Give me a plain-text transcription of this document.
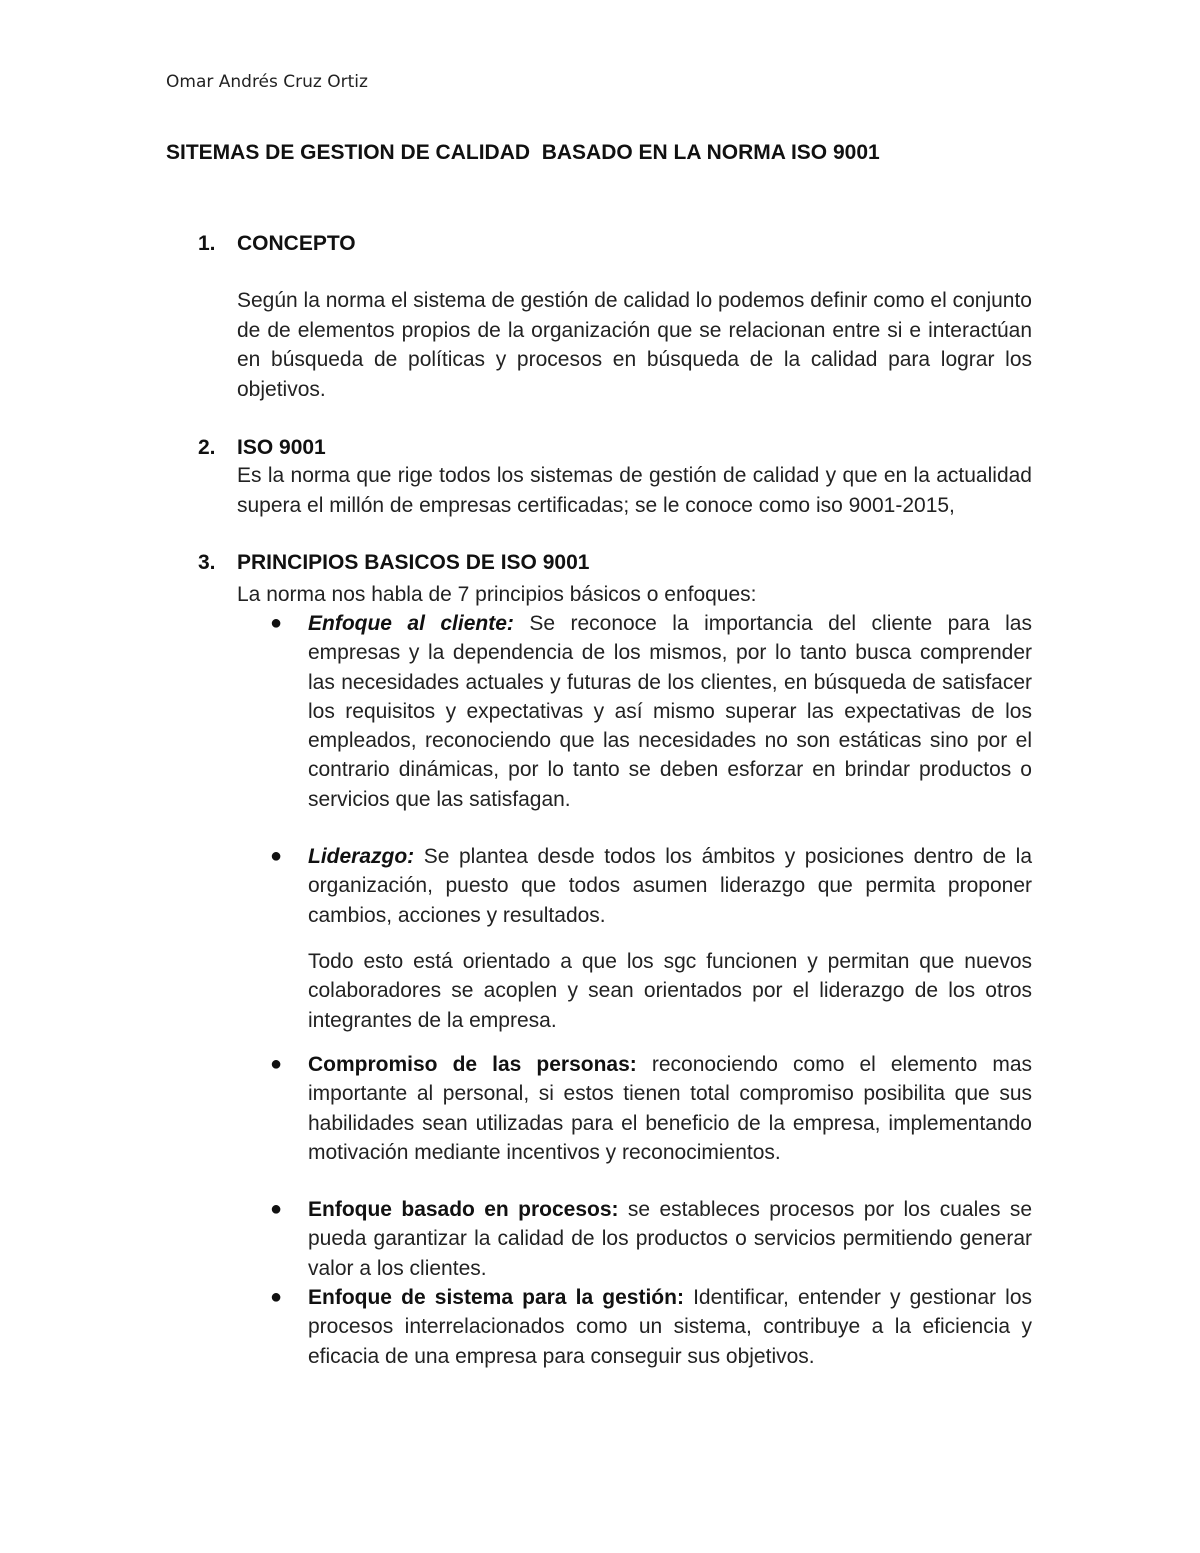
Omar Andrés Cruz Ortiz
SITEMAS DE GESTION DE CALIDAD  BASADO EN LA NORMA ISO 9001
1. CONCEPTO

Según la norma el sistema de gestión de calidad lo podemos definir como el conjunto de de elementos propios de la organización que se relacionan entre si e interactúan en búsqueda de políticas y procesos en búsqueda de la calidad para lograr los objetivos.

2. ISO 9001

Es la norma que rige todos los sistemas de gestión de calidad y que en la actualidad supera el millón de empresas certificadas; se le conoce como iso 9001-2015,

3. PRINCIPIOS BASICOS DE ISO 9001

La norma nos habla de 7 principios básicos o enfoques:

● Enfoque al cliente: Se reconoce la importancia del cliente para las empresas y la dependencia de los mismos, por lo tanto busca comprender las necesidades actuales y futuras de los clientes, en búsqueda de satisfacer los requisitos y expectativas y así mismo superar las expectativas de los empleados, reconociendo que las necesidades no son estáticas sino por el contrario dinámicas, por lo tanto se deben esforzar en brindar productos o servicios que las satisfagan.

● Liderazgo: Se plantea desde todos los ámbitos y posiciones dentro de la organización, puesto que todos asumen liderazgo que permita proponer cambios, acciones y resultados.

Todo esto está orientado a que los sgc funcionen y permitan que nuevos colaboradores se acoplen y sean orientados por el liderazgo de los otros integrantes de la empresa.

● Compromiso de las personas: reconociendo como el elemento mas importante al personal, si estos tienen total compromiso posibilita que sus habilidades sean utilizadas para el beneficio de la empresa, implementando motivación mediante incentivos y reconocimientos.

● Enfoque basado en procesos: se estableces procesos por los cuales se pueda garantizar la calidad de los productos o servicios permitiendo generar valor a los clientes.

● Enfoque de sistema para la gestión: Identificar, entender y gestionar los procesos interrelacionados como un sistema, contribuye a la eficiencia y eficacia de una empresa para conseguir sus objetivos.
